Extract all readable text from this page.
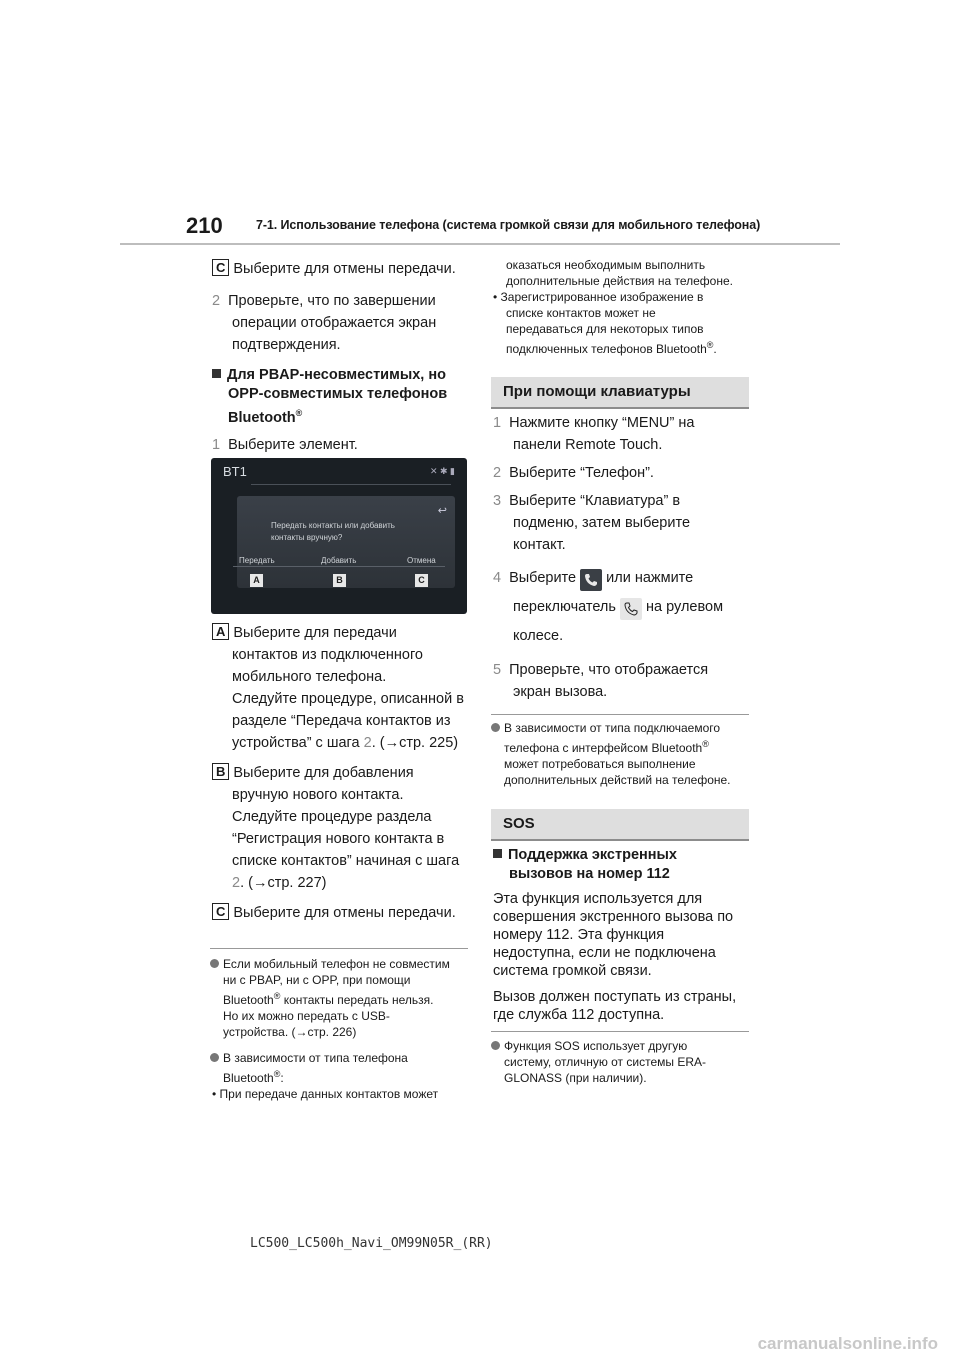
210	7-1. Использование телефона (система громкой связи для мобильного телефона)
C Выберите для отмены передачи.
2 Проверьте, что по завершении
операции отображается экран
подтверждения.
Для PBAP-несовместимых, но
OPP-совместимых телефонов
Bluetooth®
1 Выберите элемент.
BT1	✕ ✱ ▮
↩
Передать контакты или добавить
контакты вручную?
Передать	Добавить	Отмена
A	B	C
A Выберите для передачи
контактов из подключенного
мобильного телефона.
Следуйте процедуре, описанной в
разделе “Передача контактов из
устройства” с шага 2. (→стр. 225)
B Выберите для добавления
вручную нового контакта.
Следуйте процедуре раздела
“Регистрация нового контакта в
списке контактов” начиная с шага
2. (→стр. 227)
C Выберите для отмены передачи.
Если мобильный телефон не совместим
ни с PBAP, ни с OPP, при помощи
Bluetooth® контакты передать нельзя.
Но их можно передать с USB-
устройства. (→стр. 226)
В зависимости от типа телефона
Bluetooth®:
• При передаче данных контактов может
оказаться необходимым выполнить
дополнительные действия на телефоне.
• Зарегистрированное изображение в
списке контактов может не
передаваться для некоторых типов
подключенных телефонов Bluetooth®.
При помощи клавиатуры
1 Нажмите кнопку “MENU” на
панели Remote Touch.
2 Выберите “Телефон”.
3 Выберите “Клавиатура” в
подменю, затем выберите
контакт.
4 Выберите  или нажмите
переключатель  на рулевом
колесе.
5 Проверьте, что отображается
экран вызова.
В зависимости от типа подключаемого
телефона с интерфейсом Bluetooth®
может потребоваться выполнение
дополнительных действий на телефоне.
SOS
Поддержка экстренных
вызовов на номер 112
Эта функция используется для
совершения экстренного вызова по
номеру 112. Эта функция
недоступна, если не подключена
система громкой связи.
Вызов должен поступать из страны,
где служба 112 доступна.
Функция SOS использует другую
систему, отличную от системы ERA-
GLONASS (при наличии).
LC500_LC500h_Navi_OM99N05R_(RR)
carmanualsonline.info
